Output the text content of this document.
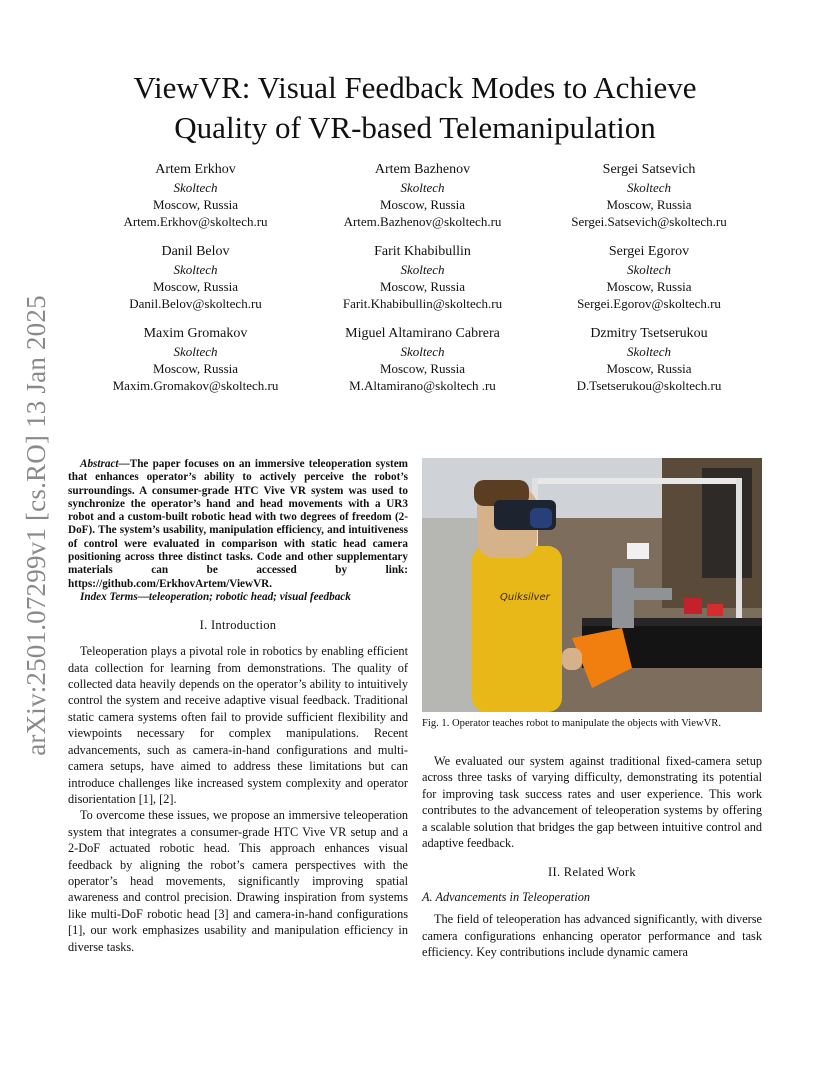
arXiv:2501.07299v1 [cs.RO] 13 Jan 2025
ViewVR: Visual Feedback Modes to Achieve
Quality of VR-based Telemanipulation
Artem Erkhov
Skoltech
Moscow, Russia
Artem.Erkhov@skoltech.ru
Artem Bazhenov
Skoltech
Moscow, Russia
Artem.Bazhenov@skoltech.ru
Sergei Satsevich
Skoltech
Moscow, Russia
Sergei.Satsevich@skoltech.ru
Danil Belov
Skoltech
Moscow, Russia
Danil.Belov@skoltech.ru
Farit Khabibullin
Skoltech
Moscow, Russia
Farit.Khabibullin@skoltech.ru
Sergei Egorov
Skoltech
Moscow, Russia
Sergei.Egorov@skoltech.ru
Maxim Gromakov
Skoltech
Moscow, Russia
Maxim.Gromakov@skoltech.ru
Miguel Altamirano Cabrera
Skoltech
Moscow, Russia
M.Altamirano@skoltech .ru
Dzmitry Tsetserukou
Skoltech
Moscow, Russia
D.Tsetserukou@skoltech.ru

Abstract—The paper focuses on an immersive teleoperation system that enhances operator’s ability to actively perceive the robot’s surroundings. A consumer-grade HTC Vive VR system was used to synchronize the operator’s hand and head movements with a UR3 robot and a custom-built robotic head with two degrees of freedom (2-DoF). The system’s usability, manipulation efficiency, and intuitiveness of control were evaluated in comparison with static head camera positioning across three distinct tasks. Code and other supplementary materials can be accessed by link: https://github.com/ErkhovArtem/ViewVR.

Index Terms—teleoperation; robotic head; visual feedback

I. Introduction

Teleoperation plays a pivotal role in robotics by enabling efficient data collection for learning from demonstrations. The quality of collected data heavily depends on the operator’s ability to intuitively control the system and receive adaptive visual feedback. Traditional static camera systems often fail to provide sufficient flexibility and viewpoints necessary for complex manipulations. Recent advancements, such as camera-in-hand configurations and multi-camera setups, have aimed to address these limitations but can introduce challenges like increased system complexity and operator disorientation [1], [2].

To overcome these issues, we propose an immersive teleoperation system that integrates a consumer-grade HTC Vive VR setup and a 2-DoF actuated robotic head. This approach enhances visual feedback by aligning the robot’s camera perspectives with the operator’s head movements, significantly improving spatial awareness and control precision. Drawing inspiration from systems like multi-DoF robotic head [3] and camera-in-hand configurations [1], our work emphasizes usability and manipulation efficiency in diverse tasks.

Quiksilver

Fig. 1. Operator teaches robot to manipulate the objects with ViewVR.

We evaluated our system against traditional fixed-camera setup across three tasks of varying difficulty, demonstrating its potential for improving task success rates and user experience. This work contributes to the advancement of teleoperation systems by offering a scalable solution that bridges the gap between intuitive control and adaptive feedback.

II. Related Work
A. Advancements in Teleoperation

The field of teleoperation has advanced significantly, with diverse camera configurations enhancing operator performance and task efficiency. Key contributions include dynamic camera
